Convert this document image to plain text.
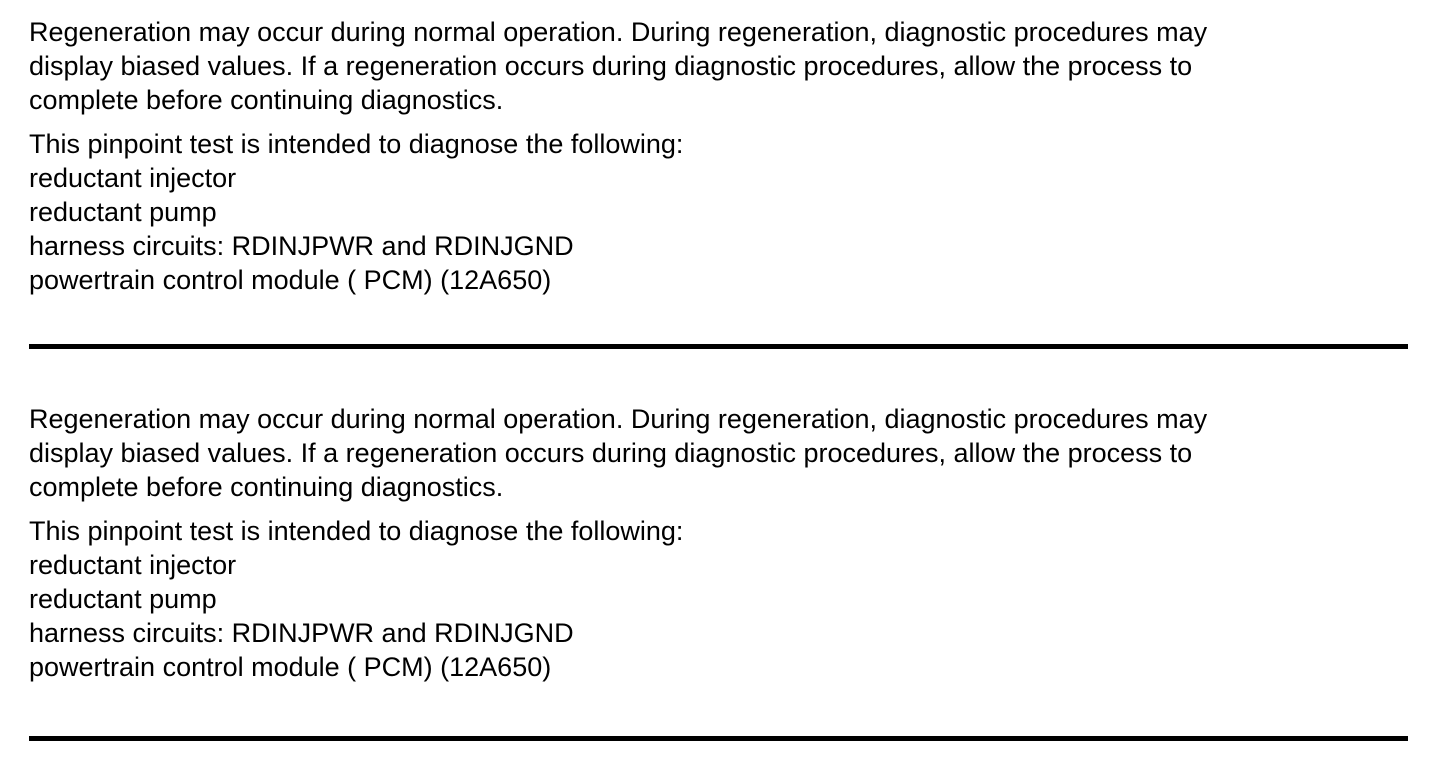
Regeneration may occur during normal operation. During regeneration, diagnostic procedures may
display biased values. If a regeneration occurs during diagnostic procedures, allow the process to
complete before continuing diagnostics.

This pinpoint test is intended to diagnose the following:

reductant injector
reductant pump
harness circuits: RDINJPWR and RDINJGND
powertrain control module ( PCM) (12A650)

Regeneration may occur during normal operation. During regeneration, diagnostic procedures may
display biased values. If a regeneration occurs during diagnostic procedures, allow the process to
complete before continuing diagnostics.

This pinpoint test is intended to diagnose the following:

reductant injector
reductant pump
harness circuits: RDINJPWR and RDINJGND
powertrain control module ( PCM) (12A650)
